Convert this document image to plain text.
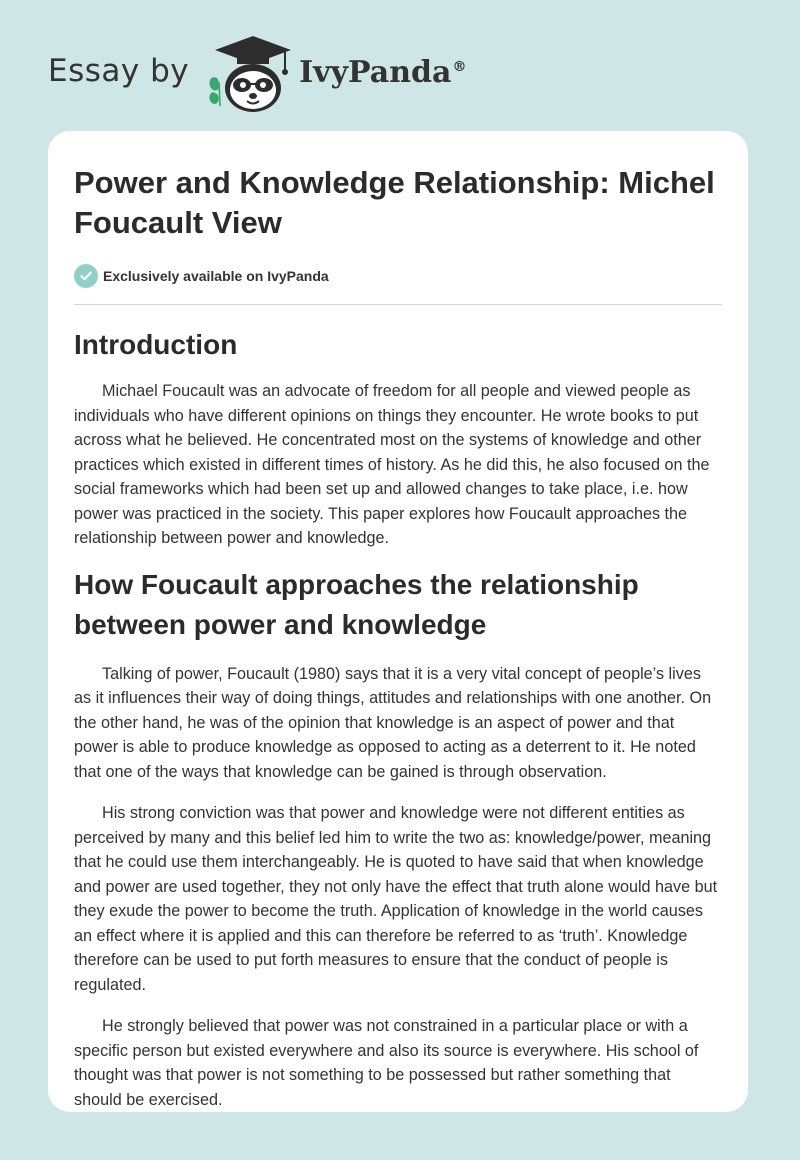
Essay by	IvyPanda®
Power and Knowledge Relationship: Michel Foucault View
Exclusively available on IvyPanda
Introduction

Michael Foucault was an advocate of freedom for all people and viewed people as individuals who have different opinions on things they encounter. He wrote books to put across what he believed. He concentrated most on the systems of knowledge and other practices which existed in different times of history. As he did this, he also focused on the social frameworks which had been set up and allowed changes to take place, i.e. how power was practiced in the society. This paper explores how Foucault approaches the relationship between power and knowledge.

How Foucault approaches the relationship between power and knowledge

Talking of power, Foucault (1980) says that it is a very vital concept of people’s lives as it influences their way of doing things, attitudes and relationships with one another. On the other hand, he was of the opinion that knowledge is an aspect of power and that power is able to produce knowledge as opposed to acting as a deterrent to it. He noted that one of the ways that knowledge can be gained is through observation.

His strong conviction was that power and knowledge were not different entities as perceived by many and this belief led him to write the two as: knowledge/power, meaning that he could use them interchangeably. He is quoted to have said that when knowledge and power are used together, they not only have the effect that truth alone would have but they exude the power to become the truth. Application of knowledge in the world causes an effect where it is applied and this can therefore be referred to as ‘truth’. Knowledge therefore can be used to put forth measures to ensure that the conduct of people is regulated.

He strongly believed that power was not constrained in a particular place or with a specific person but existed everywhere and also its source is everywhere. His school of thought was that power is not something to be possessed but rather something that should be exercised.
